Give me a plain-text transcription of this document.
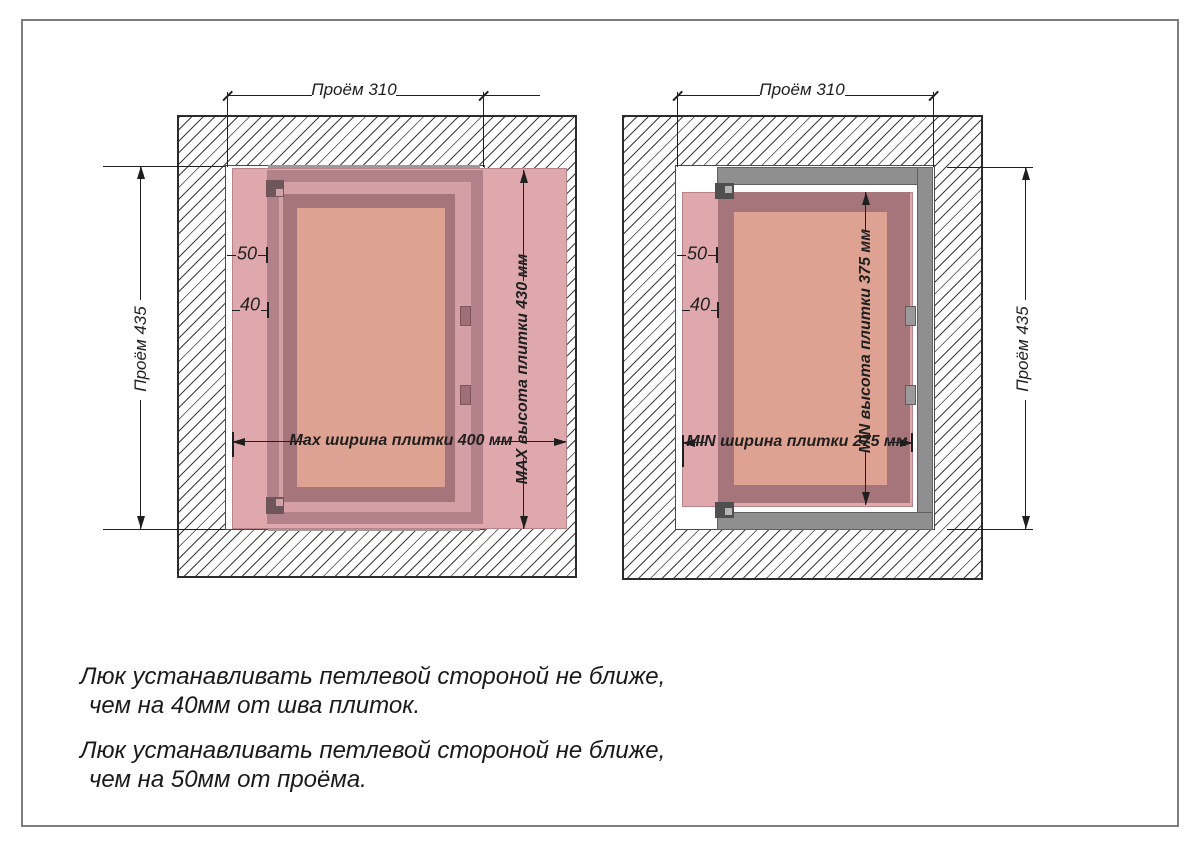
Проём 310
Проём 435
50
40
Мах ширина плитки 400 мм MAX высота плитки 430 мм
Проём 310
Проём 435
50
40
MIN ширина плитки 275 мм
MIN высота плитки 375 мм
Люк устанавливать петлевой стороной не ближе,
чем на 40мм от шва плиток.
Люк устанавливать петлевой стороной не ближе,
чем на 50мм от проёма.
